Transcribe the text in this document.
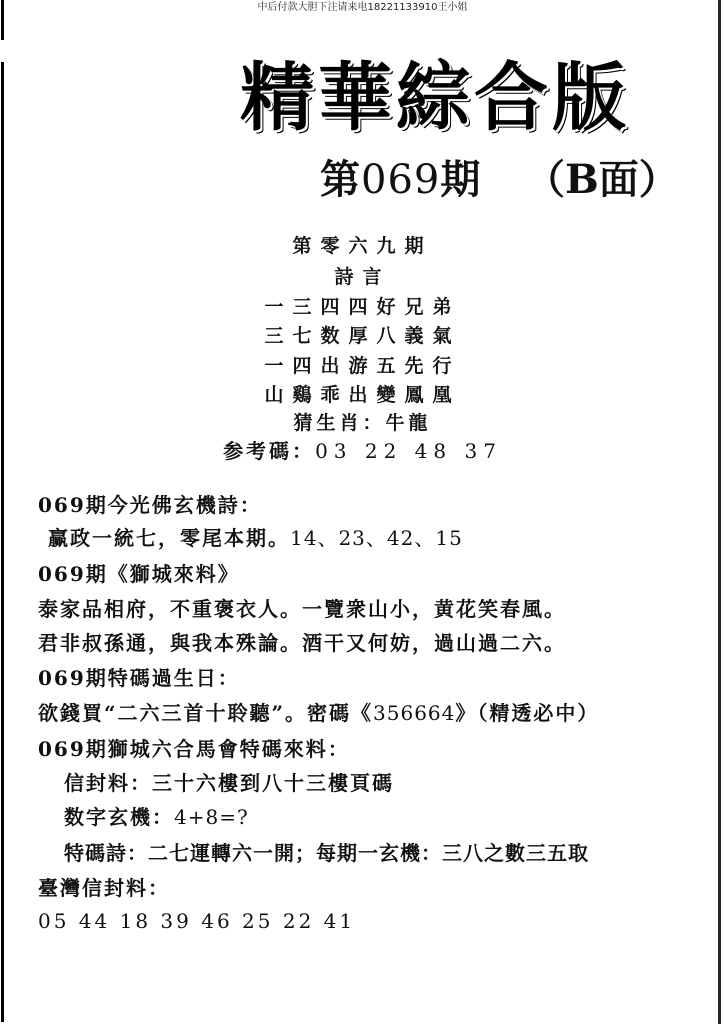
中后付款大胆下注请来电18221133910王小姐
精華綜合版
第069期 （B面）
第零六九期
詩言
一三四四好兄弟
三七数厚八義氣
一四出游五先行
山鷄乖出變鳳凰
猜生肖：牛龍
参考碼：03 22 48 37
069期今光佛玄機詩：
赢政一統七，零尾本期。14、23、42、15
069期《獅城來料》
泰家品相府，不重褒衣人。一覽衆山小，黄花笑春風。
君非叔孫通，與我本殊論。酒干又何妨，過山過二六。
069期特碼過生日：
欲錢買“二六三首十聆聽”。密碼《356664》（精透必中）
069期獅城六合馬會特碼來料：
信封料：三十六樓到八十三樓頁碼
数字玄機：4+8=?
特碼詩：二七運轉六一開；每期一玄機：三八之數三五取
臺灣信封料：
05 44 18 39 46 25 22 41
